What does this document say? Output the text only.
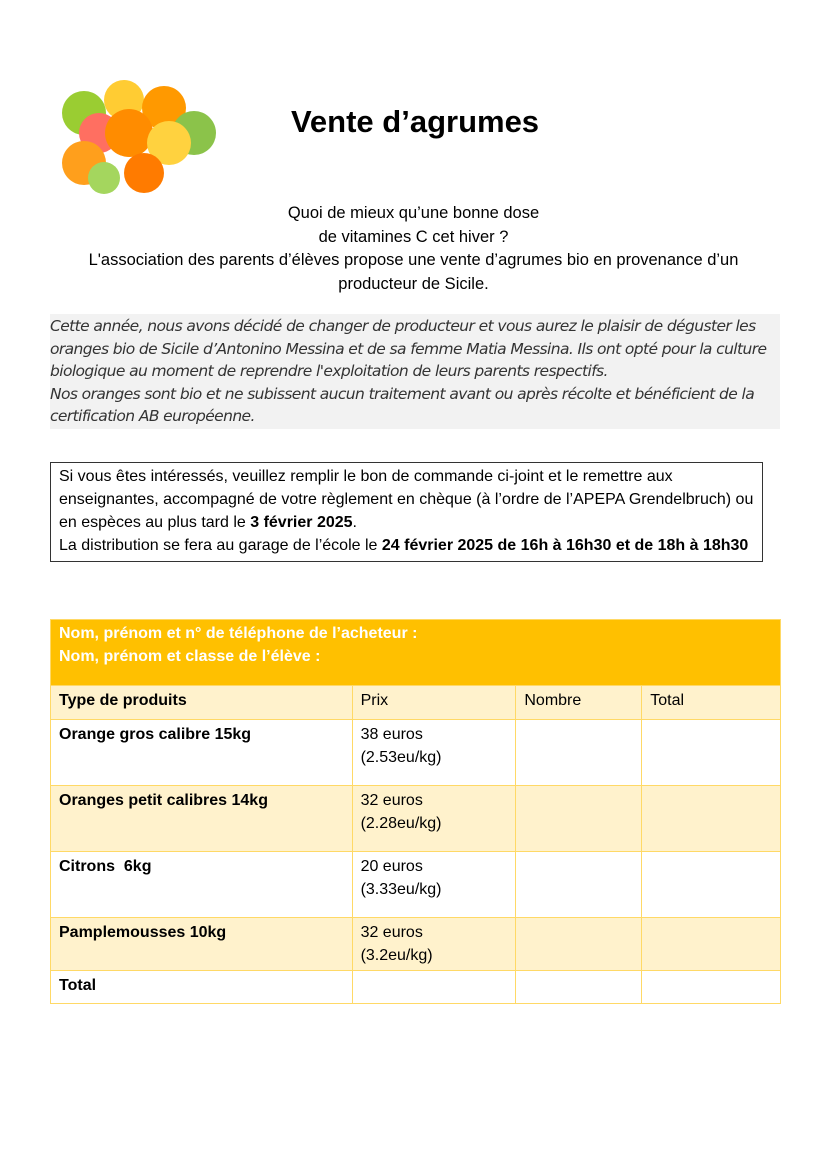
Vente d’agrumes
Quoi de mieux qu’une bonne dose
de vitamines C cet hiver ?
L'association des parents d’élèves propose une vente d’agrumes bio en provenance d’un producteur de Sicile.

Cette année, nous avons décidé de changer de producteur et vous aurez le plaisir de déguster les oranges bio de Sicile d’Antonino Messina et de sa femme Matia Messina. Ils ont opté pour la culture biologique au moment de reprendre l'exploitation de leurs parents respectifs.

Nos oranges sont bio et ne subissent aucun traitement avant ou après récolte et bénéficient de la certification AB européenne.

Si vous êtes intéressés, veuillez remplir le bon de commande ci-joint et le remettre aux enseignantes, accompagné de votre règlement en chèque (à l’ordre de l’APEPA Grendelbruch) ou en espèces au plus tard le 3 février 2025.
La distribution se fera au garage de l’école le 24 février 2025 de 16h à 16h30 et de 18h à 18h30
Nom, prénom et n° de téléphone de l’acheteur :
Nom, prénom et classe de l’élève :			

Type de produits	Prix	Nombre	Total
Orange gros calibre 15kg	38 euros
(2.53eu/kg)		

Oranges petit calibres 14kg	32 euros
(2.28eu/kg)		

Citrons  6kg	20 euros
(3.33eu/kg)		

Pamplemousses 10kg	32 euros
(3.2eu/kg)		

Total			
